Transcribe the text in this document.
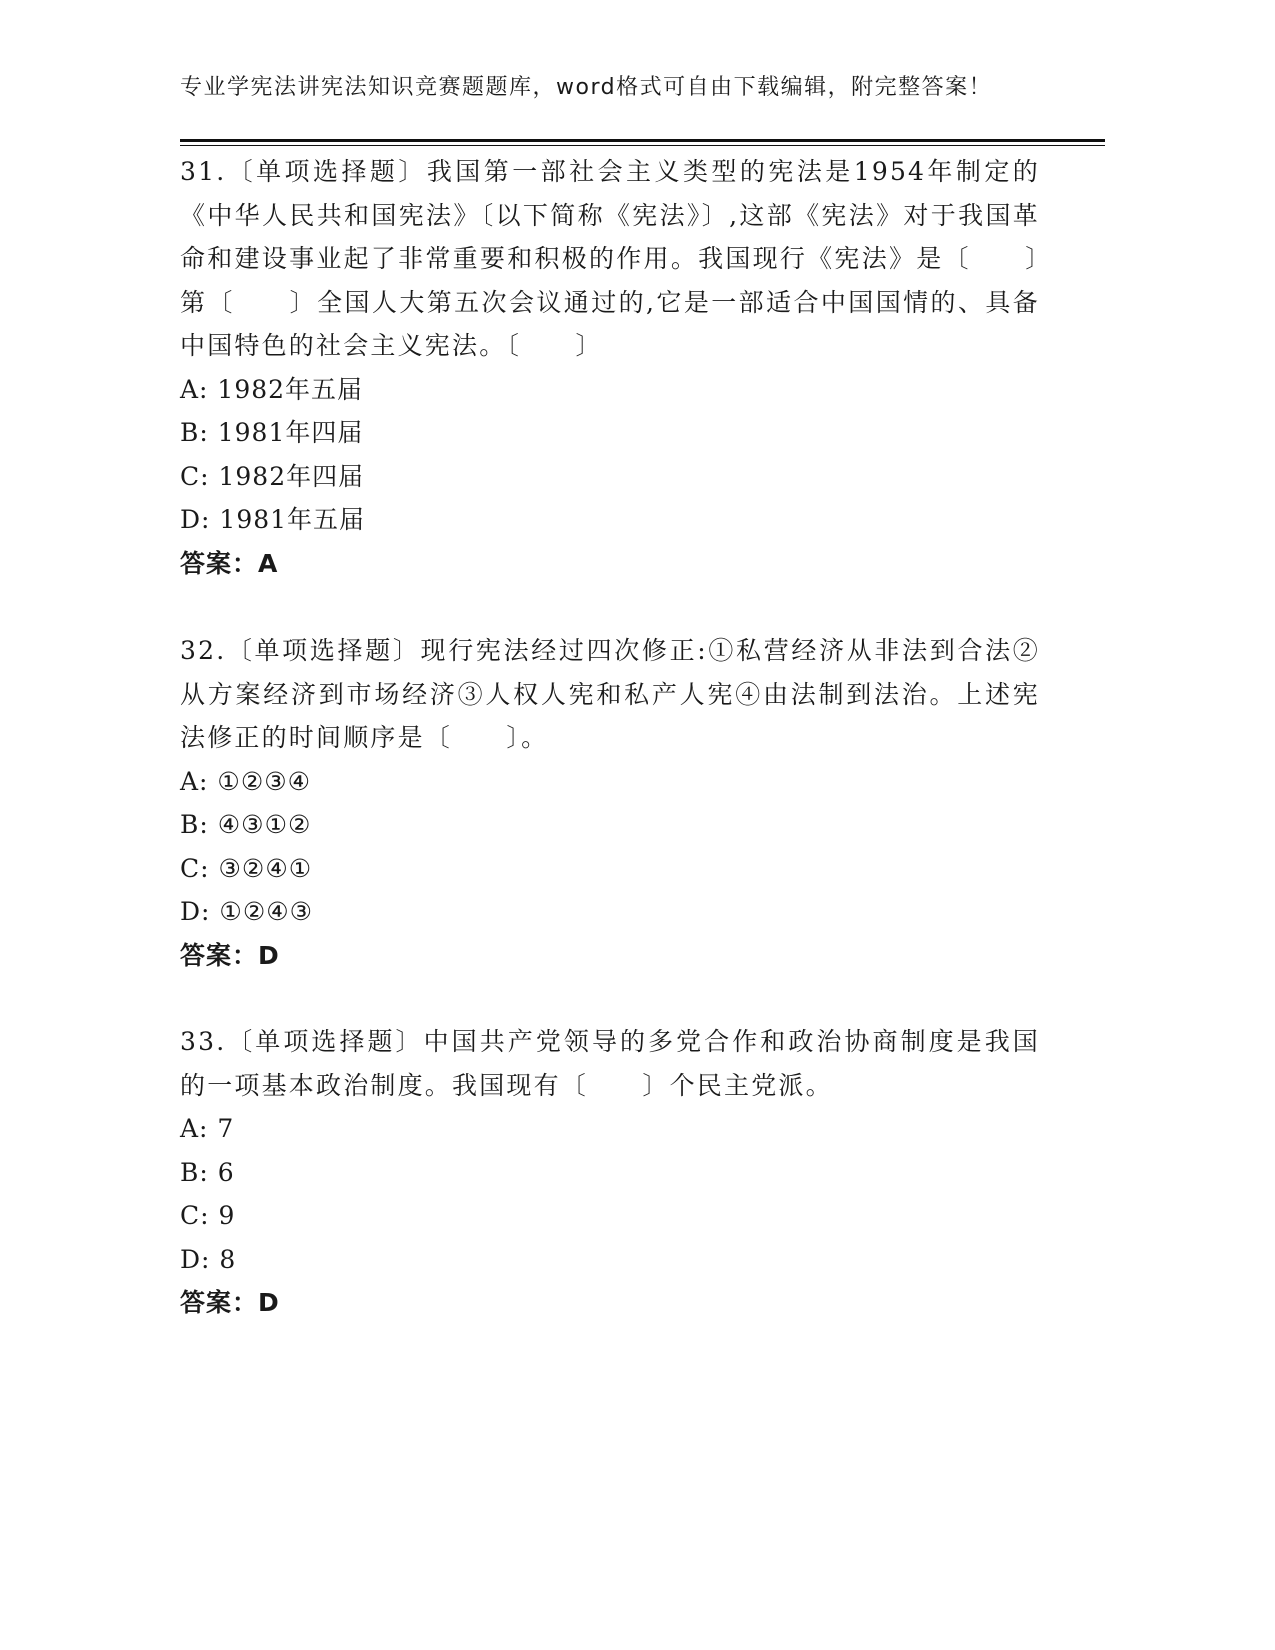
专业学宪法讲宪法知识竞赛题题库，word格式可自由下载编辑，附完整答案！

31.〔单项选择题〕我国第一部社会主义类型的宪法是1954年制定的《中华人民共和国宪法》〔以下简称《宪法》〕,这部《宪法》对于我国革命和建设事业起了非常重要和积极的作用。我国现行《宪法》是〔　　〕第〔　　〕全国人大第五次会议通过的,它是一部适合中国国情的、具备中国特色的社会主义宪法。〔　　〕

A: 1982年五届

B: 1981年四届

C: 1982年四届

D: 1981年五届

答案：A

32.〔单项选择题〕现行宪法经过四次修正:①私营经济从非法到合法②从方案经济到市场经济③人权人宪和私产人宪④由法制到法治。上述宪法修正的时间顺序是〔　　〕。

A: ①②③④

B: ④③①②

C: ③②④①

D: ①②④③

答案：D

33.〔单项选择题〕中国共产党领导的多党合作和政治协商制度是我国的一项基本政治制度。我国现有〔　　〕个民主党派。

A: 7

B: 6

C: 9

D: 8

答案：D
